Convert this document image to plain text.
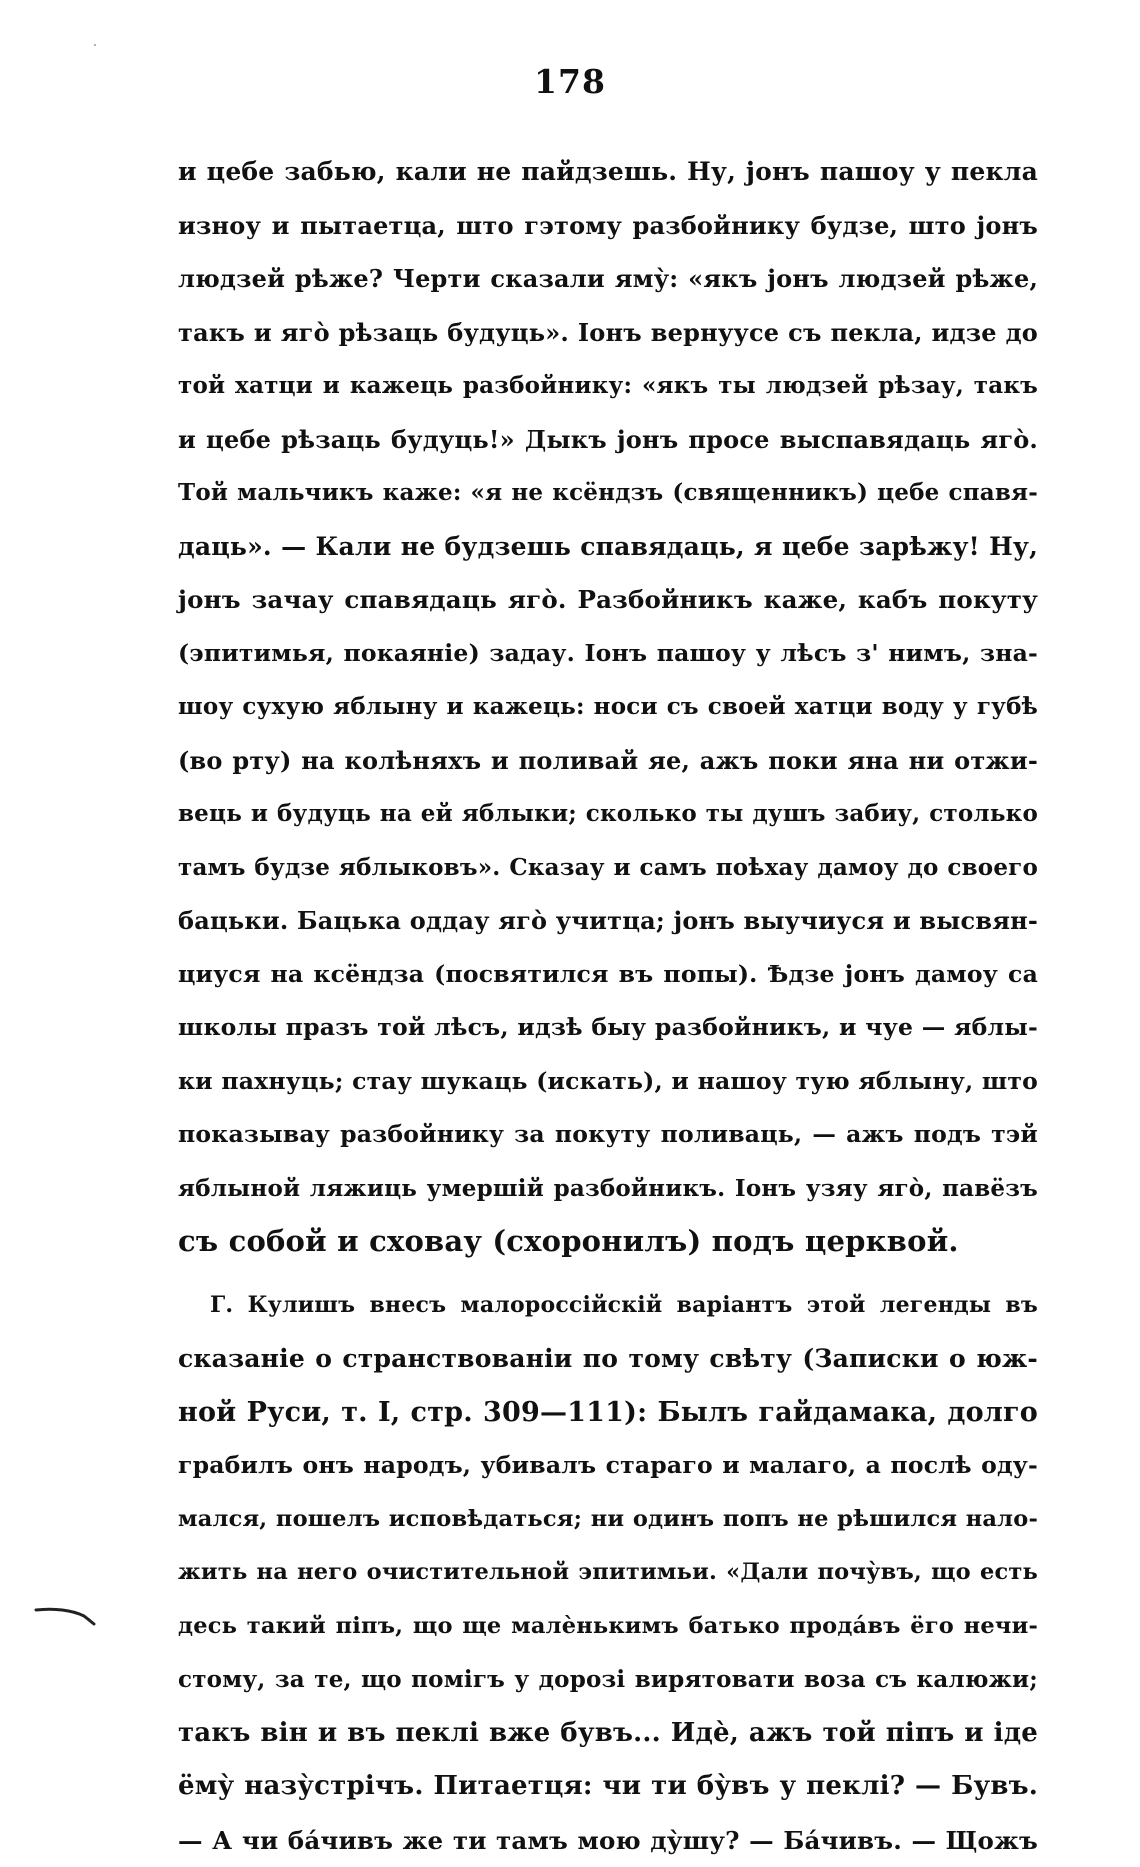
178
и цебе забью, кали не пайдзешь. Ну, јонъ пашоу у пекла
изноу и пытаетца, што гэтому разбойнику будзе, што јонъ
людзей рѣже? Черти сказали яму̀: «якъ јонъ людзей рѣже,
такъ и яго̀ рѣзаць будуць». Іонъ вернуусе съ пекла, идзе до
той хатци и кажець разбойнику: «якъ ты людзей рѣзау, такъ
и цебе рѣзаць будуць!» Дыкъ јонъ просе выспавядаць яго̀.
Той мальчикъ каже: «я не ксёндзъ (священникъ) цебе спавя-
даць». — Кали не будзешь спавядаць, я цебе зарѣжу! Ну,
јонъ зачау спавядаць яго̀. Разбойникъ каже, кабъ покуту
(эпитимья, покаяніе) задау. Іонъ пашоу у лѣсъ з' нимъ, зна-
шоу сухую яблыну и кажець: носи съ своей хатци воду у губѣ
(во рту) на колѣняхъ и поливай яе, ажъ поки яна ни отжи-
вець и будуць на ей яблыки; сколько ты душъ забиу, столько
тамъ будзе яблыковъ». Сказау и самъ поѣхау дамоу до своего
бацьки. Бацька оддау яго̀ учитца; јонъ выучиуся и высвян-
циуся на ксёндза (посвятился въ попы). Ѣдзе јонъ дамоу са
школы празъ той лѣсъ, идзѣ быу разбойникъ, и чуе — яблы-
ки пахнуць; стау шукаць (искать), и нашоу тую яблыну, што
показывау разбойнику за покуту поливаць, — ажъ подъ тэй
яблыной ляжиць умершій разбойникъ. Іонъ узяу яго̀, павёзъ
съ собой и сховау (схоронилъ) подъ церквой.
Г. Кулишъ внесъ малороссійскій варіантъ этой легенды въ
сказаніе о странствованіи по тому свѣту (Записки о юж-
ной Руси, т. I, стр. 309—111): Былъ гайдамака, долго
грабилъ онъ народъ, убивалъ стараго и малаго, а послѣ оду-
мался, пошелъ исповѣдаться; ни одинъ попъ не рѣшился нало-
жить на него очистительной эпитимьи. «Дали почу̀въ, що есть
десь такий піпъ, що ще малѐнькимъ батько прода́въ ёго нечи-
стому, за те, що помігъ у дорозі вирятовати воза съ калюжи;
такъ він и въ пеклі вже бувъ... Идѐ, ажъ той піпъ и іде
ёму̀ назу̀стрічъ. Питаетця: чи ти бу̀въ у пеклі? — Бувъ.
— А чи ба́чивъ же ти тамъ мою ду̀шу? — Ба́чивъ. — Щожъ
